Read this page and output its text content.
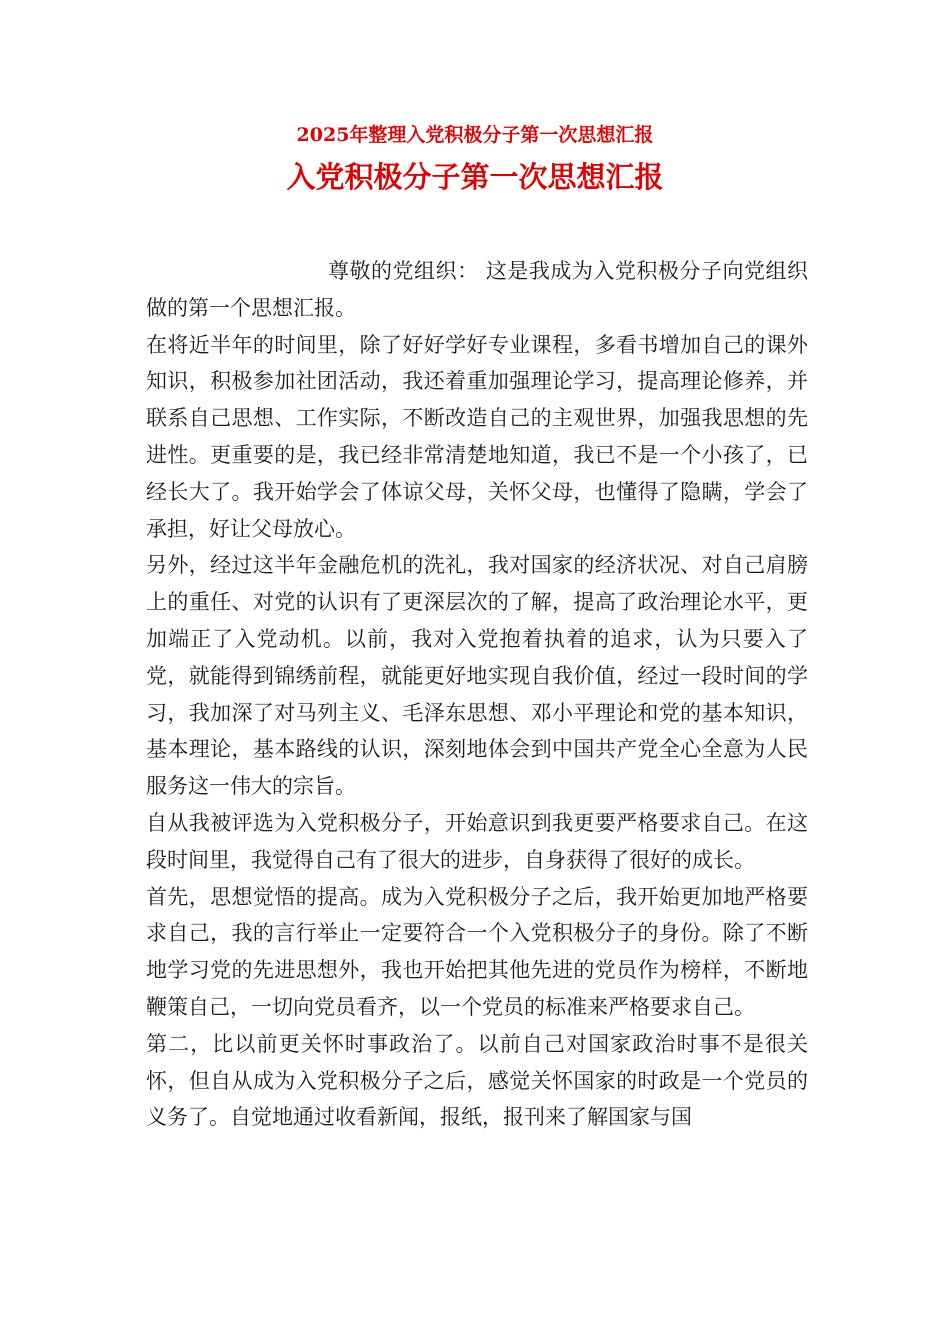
2025年整理入党积极分子第一次思想汇报
入党积极分子第一次思想汇报

尊敬的党组织： 这是我成为入党积极分子向党组织做的第一个思想汇报。

在将近半年的时间里，除了好好学好专业课程，多看书增加自己的课外知识，积极参加社团活动，我还着重加强理论学习，提高理论修养，并联系自己思想、工作实际，不断改造自己的主观世界，加强我思想的先进性。更重要的是，我已经非常清楚地知道，我已不是一个小孩了，已经长大了。我开始学会了体谅父母，关怀父母，也懂得了隐瞒，学会了承担，好让父母放心。

另外，经过这半年金融危机的洗礼，我对国家的经济状况、对自己肩膀上的重任、对党的认识有了更深层次的了解，提高了政治理论水平，更加端正了入党动机。以前，我对入党抱着执着的追求，认为只要入了党，就能得到锦绣前程，就能更好地实现自我价值，经过一段时间的学习，我加深了对马列主义、毛泽东思想、邓小平理论和党的基本知识，基本理论，基本路线的认识，深刻地体会到中国共产党全心全意为人民服务这一伟大的宗旨。

自从我被评选为入党积极分子，开始意识到我更要严格要求自己。在这段时间里，我觉得自己有了很大的进步，自身获得了很好的成长。

首先，思想觉悟的提高。成为入党积极分子之后，我开始更加地严格要求自己，我的言行举止一定要符合一个入党积极分子的身份。除了不断地学习党的先进思想外，我也开始把其他先进的党员作为榜样，不断地鞭策自己，一切向党员看齐，以一个党员的标准来严格要求自己。

第二，比以前更关怀时事政治了。以前自己对国家政治时事不是很关怀，但自从成为入党积极分子之后，感觉关怀国家的时政是一个党员的义务了。自觉地通过收看新闻，报纸，报刊来了解国家与国
